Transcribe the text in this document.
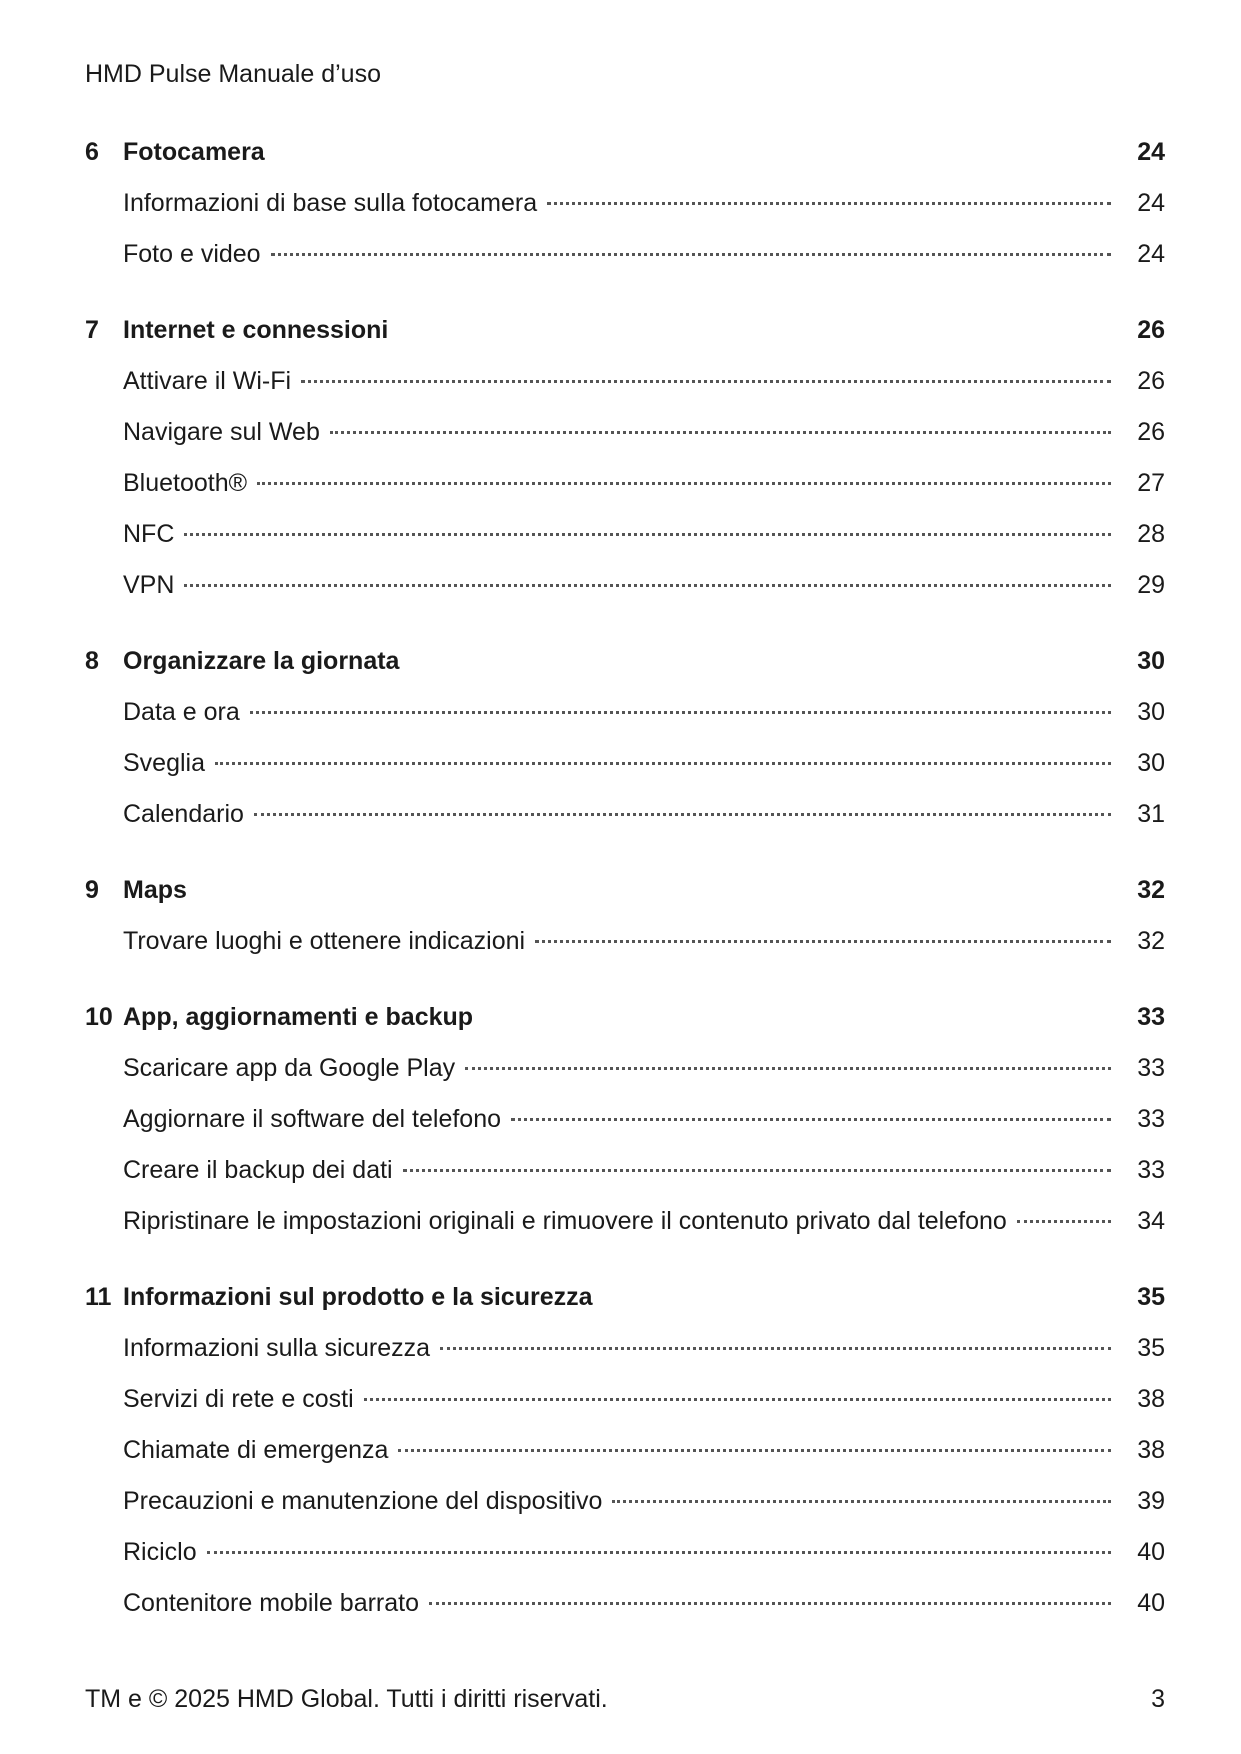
HMD Pulse Manuale d’uso
6 Fotocamera	24
Informazioni di base sulla fotocamera	24
Foto e video	24
7 Internet e connessioni	26
Attivare il Wi-Fi	26
Navigare sul Web	26
Bluetooth®	27
NFC	28
VPN	29
8 Organizzare la giornata	30
Data e ora	30
Sveglia	30
Calendario	31
9 Maps	32
Trovare luoghi e ottenere indicazioni	32
10 App, aggiornamenti e backup	33
Scaricare app da Google Play	33
Aggiornare il software del telefono	33
Creare il backup dei dati	33
Ripristinare le impostazioni originali e rimuovere il contenuto privato dal telefono	34
11 Informazioni sul prodotto e la sicurezza	35
Informazioni sulla sicurezza	35
Servizi di rete e costi	38
Chiamate di emergenza	38
Precauzioni e manutenzione del dispositivo	39
Riciclo	40
Contenitore mobile barrato	40
TM e © 2025 HMD Global. Tutti i diritti riservati.	3
